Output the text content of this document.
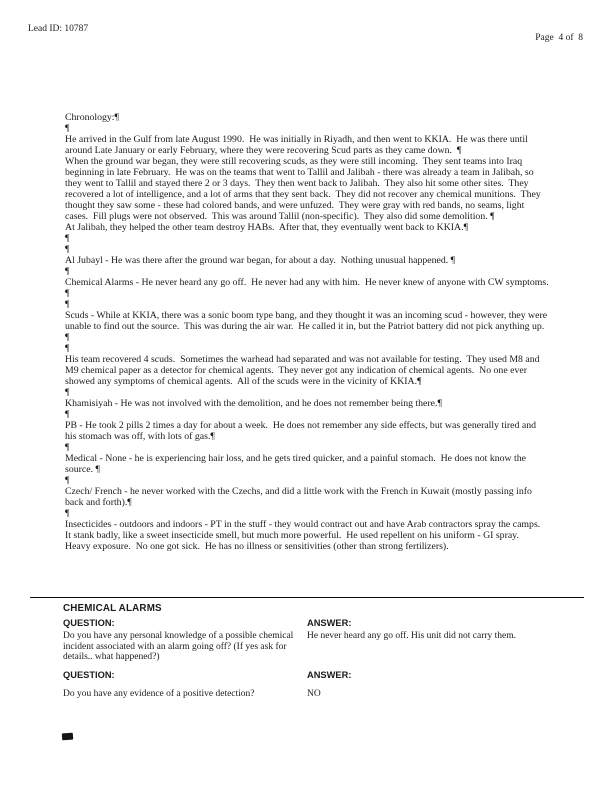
Lead ID: 10787
Page  4 of  8

Chronology:¶

¶

He arrived in the Gulf from late August 1990.  He was initially in Riyadh, and then went to KKIA.  He was there until around Late January or early February, where they were recovering Scud parts as they came down.  ¶

When the ground war began, they were still recovering scuds, as they were still incoming.  They sent teams into Iraq beginning in late February.  He was on the teams that went to Tallil and Jalibah - there was already a team in Jalibah, so they went to Tallil and stayed there 2 or 3 days.  They then went back to Jalibah.  They also hit some other sites.  They recovered a lot of intelligence, and a lot of arms that they sent back.  They did not recover any chemical munitions.  They thought they saw some - these had colored bands, and were unfuzed.  They were gray with red bands, no seams, light cases.  Fill plugs were not observed.  This was around Tallil (non-specific).  They also did some demolition. ¶

At Jalibah, they helped the other team destroy HABs.  After that, they eventually went back to KKIA.¶

¶

¶

Al Jubayl - He was there after the ground war began, for about a day.  Nothing unusual happened. ¶

¶

Chemical Alarms - He never heard any go off.  He never had any with him.  He never knew of anyone with CW symptoms. ¶

¶

Scuds - While at KKIA, there was a sonic boom type bang, and they thought it was an incoming scud - however, they were unable to find out the source.  This was during the air war.  He called it in, but the Patriot battery did not pick anything up. ¶

¶

His team recovered 4 scuds.  Sometimes the warhead had separated and was not available for testing.  They used M8 and M9 chemical paper as a detector for chemical agents.  They never got any indication of chemical agents.  No one ever showed any symptoms of chemical agents.  All of the scuds were in the vicinity of KKIA.¶

¶

Khamisiyah - He was not involved with the demolition, and he does not remember being there.¶

¶

PB - He took 2 pills 2 times a day for about a week.  He does not remember any side effects, but was generally tired and his stomach was off, with lots of gas.¶

¶

Medical - None - he is experiencing hair loss, and he gets tired quicker, and a painful stomach.  He does not know the source. ¶

¶

Czech/ French - he never worked with the Czechs, and did a little work with the French in Kuwait (mostly passing info back and forth).¶

¶

Insecticides - outdoors and indoors - PT in the stuff - they would contract out and have Arab contractors spray the camps.  It stank badly, like a sweet insecticide smell, but much more powerful.  He used repellent on his uniform - GI spray.  Heavy exposure.  No one got sick.  He has no illness or sensitivities (other than strong fertilizers).

CHEMICAL ALARMS
QUESTION:	ANSWER:
Do you have any personal knowledge of a possible chemical incident associated with an alarm going off? (If yes ask for details.. what happened?)
He never heard any go off. His unit did not carry them.
QUESTION:	ANSWER:
Do you have any evidence of a positive detection?	NO
